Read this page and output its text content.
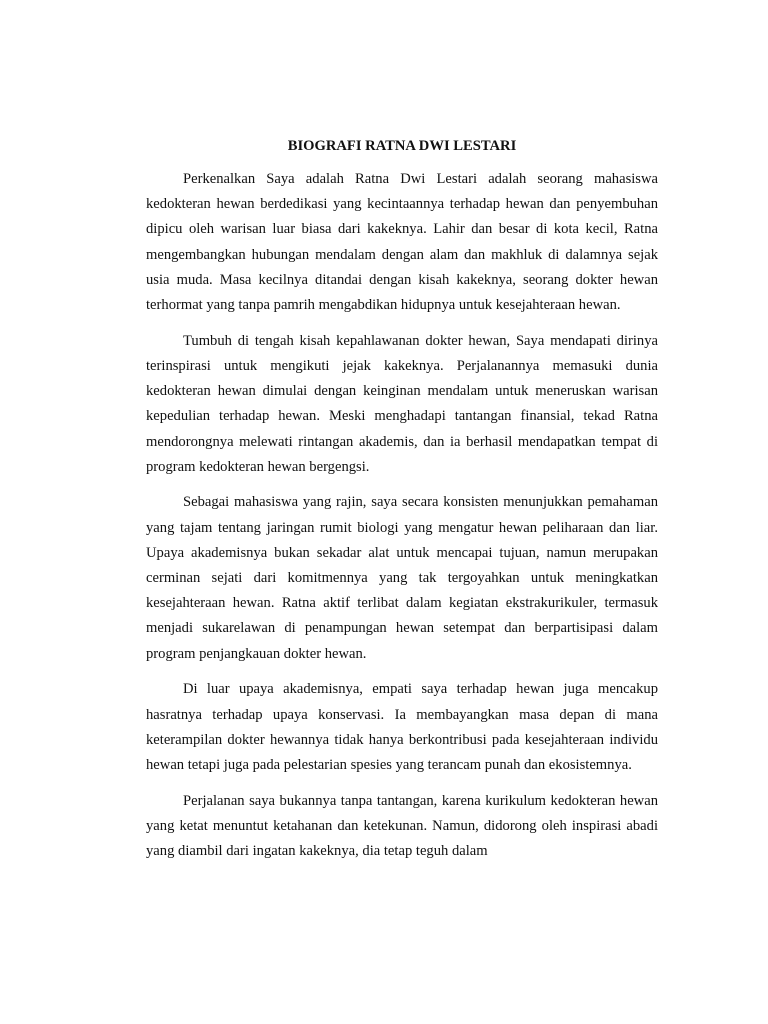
BIOGRAFI RATNA DWI LESTARI

Perkenalkan Saya adalah Ratna Dwi Lestari adalah seorang mahasiswa kedokteran hewan berdedikasi yang kecintaannya terhadap hewan dan penyembuhan dipicu oleh warisan luar biasa dari kakeknya. Lahir dan besar di kota kecil, Ratna mengembangkan hubungan mendalam dengan alam dan makhluk di dalamnya sejak usia muda. Masa kecilnya ditandai dengan kisah kakeknya, seorang dokter hewan terhormat yang tanpa pamrih mengabdikan hidupnya untuk kesejahteraan hewan.

Tumbuh di tengah kisah kepahlawanan dokter hewan, Saya mendapati dirinya terinspirasi untuk mengikuti jejak kakeknya. Perjalanannya memasuki dunia kedokteran hewan dimulai dengan keinginan mendalam untuk meneruskan warisan kepedulian terhadap hewan. Meski menghadapi tantangan finansial, tekad Ratna mendorongnya melewati rintangan akademis, dan ia berhasil mendapatkan tempat di program kedokteran hewan bergengsi.

Sebagai mahasiswa yang rajin, saya secara konsisten menunjukkan pemahaman yang tajam tentang jaringan rumit biologi yang mengatur hewan peliharaan dan liar. Upaya akademisnya bukan sekadar alat untuk mencapai tujuan, namun merupakan cerminan sejati dari komitmennya yang tak tergoyahkan untuk meningkatkan kesejahteraan hewan. Ratna aktif terlibat dalam kegiatan ekstrakurikuler, termasuk menjadi sukarelawan di penampungan hewan setempat dan berpartisipasi dalam program penjangkauan dokter hewan.

Di luar upaya akademisnya, empati saya terhadap hewan juga mencakup hasratnya terhadap upaya konservasi. Ia membayangkan masa depan di mana keterampilan dokter hewannya tidak hanya berkontribusi pada kesejahteraan individu hewan tetapi juga pada pelestarian spesies yang terancam punah dan ekosistemnya.

Perjalanan saya bukannya tanpa tantangan, karena kurikulum kedokteran hewan yang ketat menuntut ketahanan dan ketekunan. Namun, didorong oleh inspirasi abadi yang diambil dari ingatan kakeknya, dia tetap teguh dalam
